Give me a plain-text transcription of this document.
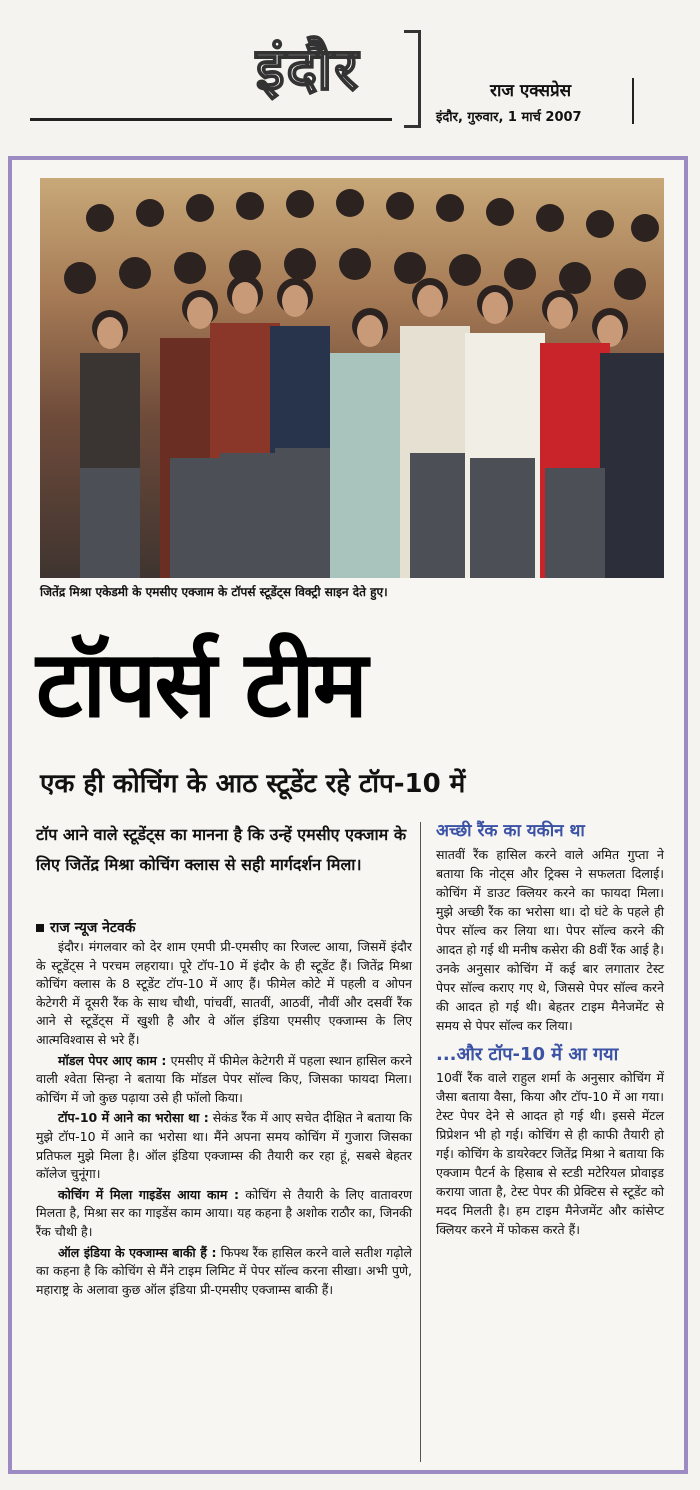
इंदौर	राज एक्सप्रेस
इंदौर, गुरुवार, 1 मार्च 2007
जितेंद्र मिश्रा एकेडमी के एमसीए एक्जाम के टॉपर्स स्टूडेंट्स विक्ट्री साइन देते हुए।
टॉपर्स टीम
एक ही कोचिंग के आठ स्टूडेंट रहे टॉप-10 में
टॉप आने वाले स्टूडेंट्स का मानना है कि उन्हें एमसीए एक्जाम के लिए जितेंद्र मिश्रा कोचिंग क्लास से सही मार्गदर्शन मिला।
राज न्यूज नेटवर्क

इंदौर। मंगलवार को देर शाम एमपी प्री-एमसीए का रिजल्ट आया, जिसमें इंदौर के स्टूडेंट्स ने परचम लहराया। पूरे टॉप-10 में इंदौर के ही स्टूडेंट हैं। जितेंद्र मिश्रा कोचिंग क्लास के 8 स्टूडेंट टॉप-10 में आए हैं। फीमेल कोटे में पहली व ओपन केटेगरी में दूसरी रैंक के साथ चौथी, पांचवीं, सातवीं, आठवीं, नौवीं और दसवीं रैंक आने से स्टूडेंट्स में खुशी है और वे ऑल इंडिया एमसीए एक्जाम्स के लिए आत्मविश्वास से भरे हैं।

मॉडल पेपर आए काम : एमसीए में फीमेल केटेगरी में पहला स्थान हासिल करने वाली श्वेता सिन्हा ने बताया कि मॉडल पेपर सॉल्व किए, जिसका फायदा मिला। कोचिंग में जो कुछ पढ़ाया उसे ही फॉलो किया।

टॉप-10 में आने का भरोसा था : सेकंड रैंक में आए सचेत दीक्षित ने बताया कि मुझे टॉप-10 में आने का भरोसा था। मैंने अपना समय कोचिंग में गुजारा जिसका प्रतिफल मुझे मिला है। ऑल इंडिया एक्जाम्स की तैयारी कर रहा हूं, सबसे बेहतर कॉलेज चुनूंगा।

कोचिंग में मिला गाइडेंस आया काम : कोचिंग से तैयारी के लिए वातावरण मिलता है, मिश्रा सर का गाइडेंस काम आया। यह कहना है अशोक राठौर का, जिनकी रैंक चौथी है।

ऑल इंडिया के एक्जाम्स बाकी हैं : फिफ्थ रैंक हासिल करने वाले सतीश गढ़ोले का कहना है कि कोचिंग से मैंने टाइम लिमिट में पेपर सॉल्व करना सीखा। अभी पुणे, महाराष्ट्र के अलावा कुछ ऑल इंडिया प्री-एमसीए एक्जाम्स बाकी हैं।

अच्छी रैंक का यकीन था

सातवीं रैंक हासिल करने वाले अमित गुप्ता ने बताया कि नोट्स और ट्रिक्स ने सफलता दिलाई। कोचिंग में डाउट क्लियर करने का फायदा मिला। मुझे अच्छी रैंक का भरोसा था। दो घंटे के पहले ही पेपर सॉल्व कर लिया था। पेपर सॉल्व करने की आदत हो गई थी मनीष कसेरा की 8वीं रैंक आई है। उनके अनुसार कोचिंग में कई बार लगातार टेस्ट पेपर सॉल्व कराए गए थे, जिससे पेपर सॉल्व करने की आदत हो गई थी। बेहतर टाइम मैनेजमेंट से समय से पेपर सॉल्व कर लिया।

...और टॉप-10 में आ गया

10वीं रैंक वाले राहुल शर्मा के अनुसार कोचिंग में जैसा बताया वैसा, किया और टॉप-10 में आ गया। टेस्ट पेपर देने से आदत हो गई थी। इससे मेंटल प्रिप्रेशन भी हो गई। कोचिंग से ही काफी तैयारी हो गई। कोचिंग के डायरेक्टर जितेंद्र मिश्रा ने बताया कि एक्जाम पैटर्न के हिसाब से स्टडी मटेरियल प्रोवाइड कराया जाता है, टेस्ट पेपर की प्रेक्टिस से स्टूडेंट को मदद मिलती है। हम टाइम मैनेजमेंट और कांसेप्ट क्लियर करने में फोकस करते हैं।
